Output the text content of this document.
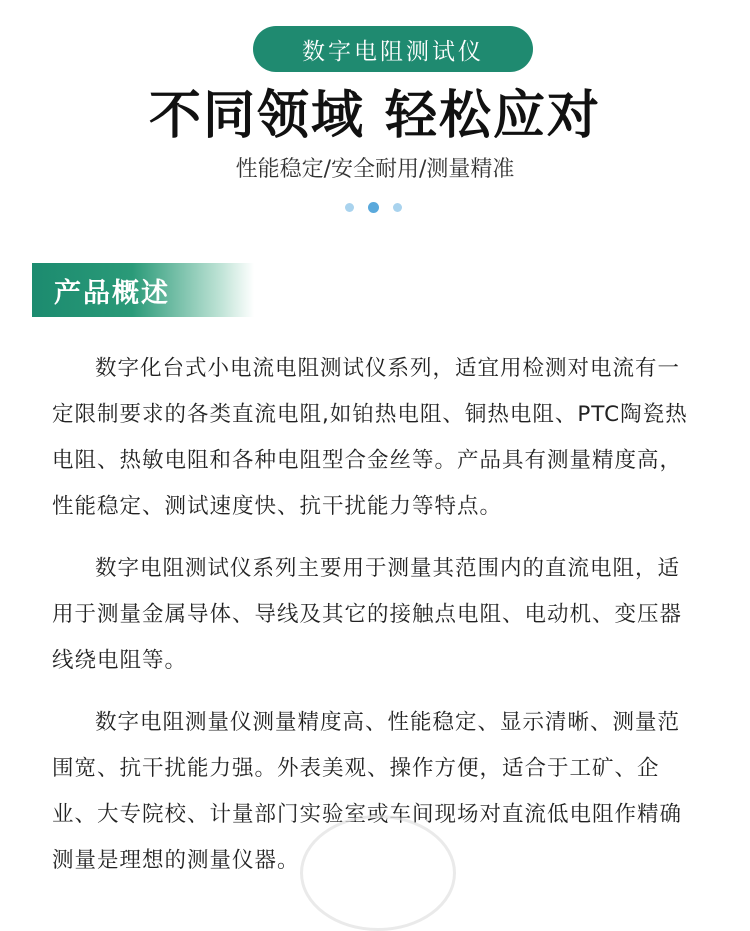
数字电阻测试仪
不同领域 轻松应对
性能稳定/安全耐用/测量精准
产品概述

数字化台式小电流电阻测试仪系列，适宜用检测对电流有一定限制要求的各类直流电阻,如铂热电阻、铜热电阻、PTC陶瓷热电阻、热敏电阻和各种电阻型合金丝等。产品具有测量精度高，性能稳定、测试速度快、抗干扰能力等特点。

数字电阻测试仪系列主要用于测量其范围内的直流电阻，适用于测量金属导体、导线及其它的接触点电阻、电动机、变压器线绕电阻等。

数字电阻测量仪测量精度高、性能稳定、显示清晰、测量范围宽、抗干扰能力强。外表美观、操作方便，适合于工矿、企业、大专院校、计量部门实验室或车间现场对直流低电阻作精确测量是理想的测量仪器。
